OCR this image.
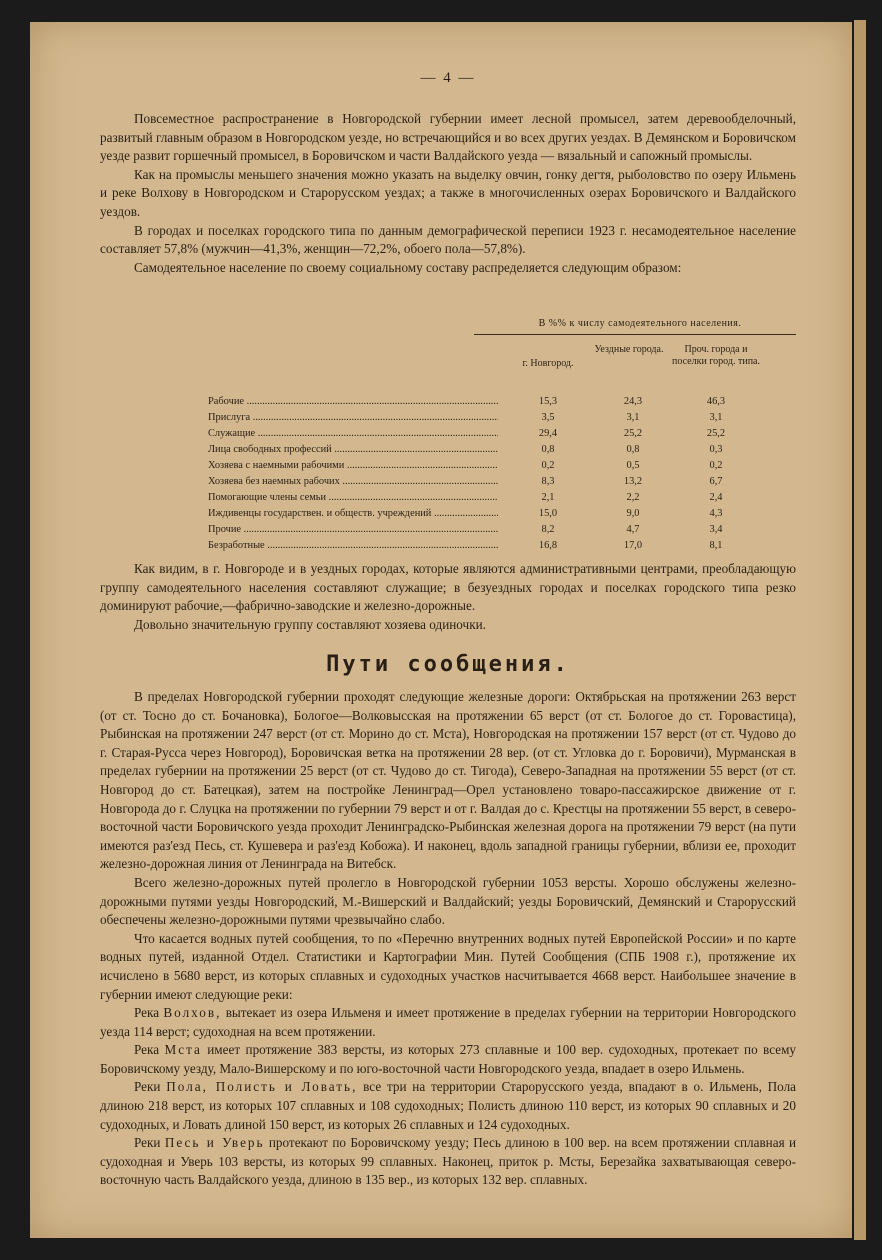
— 4 —

Повсеместное распространение в Новгородской губернии имеет лесной промысел, затем деревообделочный, развитый главным образом в Новгородском уезде, но встречающийся и во всех других уездах. В Демянском и Боровичском уезде развит горшечный промысел, в Боровичском и части Валдайского уезда — вязальный и сапожный промыслы.

Как на промыслы меньшего значения можно указать на выделку овчин, гонку дегтя, рыболовство по озеру Ильмень и реке Волхову в Новгородском и Старорусском уездах; а также в многочисленных озерах Боровичского и Валдайского уездов.

В городах и поселках городского типа по данным демографической переписи 1923 г. несамодеятельное население составляет 57,8% (мужчин—41,3%, женщин—72,2%, обоего пола—57,8%).

Самодеятельное население по своему социальному составу распределяется следующим образом:

В %% к числу самодеятельного населения.
г. Новгород.
Уездные города.	Проч. города и поселки город. типа.
Рабочие .....	15,3	24,3	46,3
Прислуга .....	3,5	3,1	3,1
Служащие .....	29,4	25,2	25,2
Лица свободных профессий .....	0,8	0,8	0,3
Хозяева с наемными рабочими .....	0,2	0,5	0,2
Хозяева без наемных рабочих .....	8,3	13,2	6,7
Помогающие члены семьи .....	2,1	2,2	2,4
Иждивенцы государствен. и обществ. учреждений .....	15,0	9,0	4,3
Прочие .....	8,2	4,7	3,4
Безработные .....	16,8	17,0	8,1

Как видим, в г. Новгороде и в уездных городах, которые являются административными центрами, преобладающую группу самодеятельного населения составляют служащие; в безуездных городах и поселках городского типа резко доминируют рабочие,—фабрично-заводские и железно-дорожные.

Довольно значительную группу составляют хозяева одиночки.

Пути сообщения.

В пределах Новгородской губернии проходят следующие железные дороги: Октябрьская на протяжении 263 верст (от ст. Тосно до ст. Бочановка), Бологое—Волковысская на протяжении 65 верст (от ст. Бологое до ст. Горовастица), Рыбинская на протяжении 247 верст (от ст. Морино до ст. Мста), Новгородская на протяжении 157 верст (от ст. Чудово до г. Старая-Русса через Новгород), Боровичская ветка на протяжении 28 вер. (от ст. Угловка до г. Боровичи), Мурманская в пределах губернии на протяжении 25 верст (от ст. Чудово до ст. Тигода), Северо-Западная на протяжении 55 верст (от ст. Новгород до ст. Батецкая), затем на постройке Ленинград—Орел установлено товаро-пассажирское движение от г. Новгорода до г. Слуцка на протяжении по губернии 79 верст и от г. Валдая до с. Крестцы на протяжении 55 верст, в северо-восточной части Боровичского уезда проходит Ленинградско-Рыбинская железная дорога на протяжении 79 верст (на пути имеются раз'езд Песь, ст. Кушевера и раз'езд Кобожа). И наконец, вдоль западной границы губернии, вблизи ее, проходит железно-дорожная линия от Ленинграда на Витебск.

Всего железно-дорожных путей пролегло в Новгородской губернии 1053 версты. Хорошо обслужены железно-дорожными путями уезды Новгородский, М.-Вишерский и Валдайский; уезды Боровичский, Демянский и Старорусский обеспечены железно-дорожными путями чрезвычайно слабо.

Что касается водных путей сообщения, то по «Перечню внутренних водных путей Европейской России» и по карте водных путей, изданной Отдел. Статистики и Картографии Мин. Путей Сообщения (СПБ 1908 г.), протяжение их исчислено в 5680 верст, из которых сплавных и судоходных участков насчитывается 4668 верст. Наибольшее значение в губернии имеют следующие реки:

Река Волхов, вытекает из озера Ильменя и имеет протяжение в пределах губернии на территории Новгородского уезда 114 верст; судоходная на всем протяжении.

Река Мста имеет протяжение 383 версты, из которых 273 сплавные и 100 вер. судоходных, протекает по всему Боровичскому уезду, Мало-Вишерскому и по юго-восточной части Новгородского уезда, впадает в озеро Ильмень.

Реки Пола, Полисть и Ловать, все три на территории Старорусского уезда, впадают в о. Ильмень, Пола длиною 218 верст, из которых 107 сплавных и 108 судоходных; Полисть длиною 110 верст, из которых 90 сплавных и 20 судоходных, и Ловать длиной 150 верст, из которых 26 сплавных и 124 судоходных.

Реки Песь и Уверь протекают по Боровичскому уезду; Песь длиною в 100 вер. на всем протяжении сплавная и судоходная и Уверь 103 версты, из которых 99 сплавных. Наконец, приток р. Мсты, Березайка захватывающая северо-восточную часть Валдайского уезда, длиною в 135 вер., из которых 132 вер. сплавных.
